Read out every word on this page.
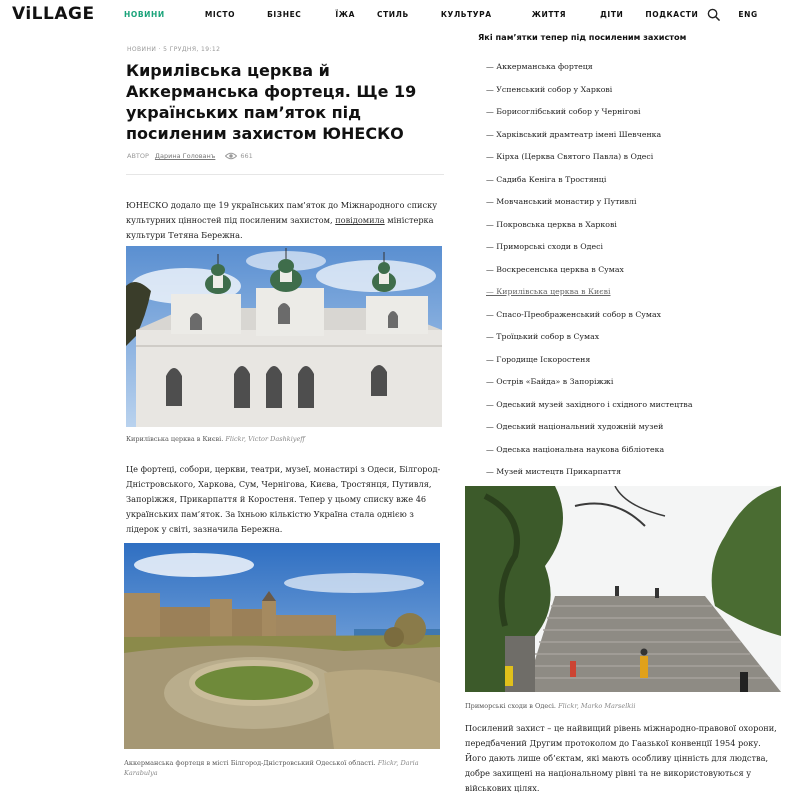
ViLLAGE	НОВИНИ	МІСТО	БІЗНЕС	ЇЖА	СТИЛЬ	КУЛЬТУРА	ЖИТТЯ	ДІТИ	ПОДКАСТИ	ENG
НОВИНИ · 5 ГРУДНЯ, 19:12
Кирилівська церква й Аккерманська фортеця. Ще 19 українських пам’яток під посиленим захистом ЮНЕСКО
АВТОР Дарина Голованъ	661

ЮНЕСКО додало ще 19 українських пам’яток до Міжнародного списку культурних цінностей під посиленим захистом, повідомила міністерка культури Тетяна Бережна.

Кирилівська церква в Києві. Flickr, Victor Dashkiyeff

Це фортеці, собори, церкви, театри, музеї, монастирі з Одеси, Білгород-Дністровського, Харкова, Сум, Чернігова, Києва, Тростянця, Путивля, Запоріжжя, Прикарпаття й Коростеня. Тепер у цьому списку вже 46 українських пам’яток. За їхньою кількістю Україна стала однією з лідерок у світі, зазначила Бережна.

Аккерманська фортеця в місті Білгород-Дністровський Одеської області. Flickr, Daria Karabulya
Які пам’ятки тепер під посиленим захистом
— Аккерманська фортеця
— Успенський собор у Харкові
— Борисоглібський собор у Чернігові
— Харківський драмтеатр імені Шевченка
— Кірха (Церква Святого Павла) в Одесі
— Садиба Кеніга в Тростянці
— Мовчанський монастир у Путивлі
— Покровська церква в Харкові
— Приморські сходи в Одесі
— Воскресенська церква в Сумах
— Кирилівська церква в Києві
— Спасо-Преображенський собор в Сумах
— Троїцький собор в Сумах
— Городище Іскоростеня
— Острів «Байда» в Запоріжжі
— Одеський музей західного і східного мистецтва
— Одеський національний художній музей
— Одеська національна наукова бібліотека
— Музей мистецтв Прикарпаття
Приморські сходи в Одесі. Flickr, Marko Marselkii

Посилений захист – це найвищий рівень міжнародно-правової охорони, передбачений Другим протоколом до Гаазької конвенції 1954 року. Його дають лише об’єктам, які мають особливу цінність для людства, добре захищені на національному рівні та не використовуються у військових цілях.
